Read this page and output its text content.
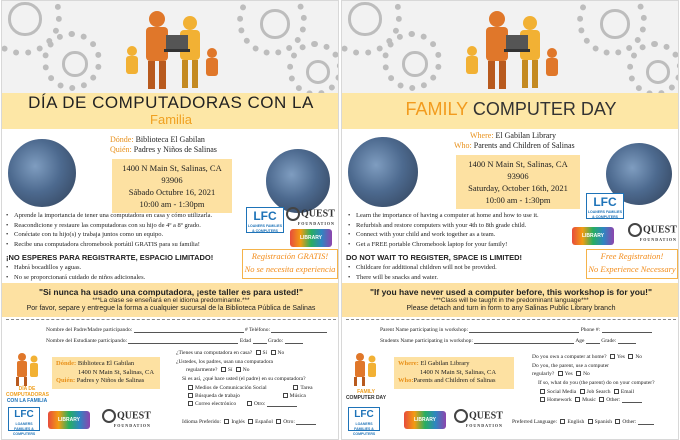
DÍA DE COMPUTADORAS CON LA
Familia
Dónde: Biblioteca El Gabilan
Quién: Padres y Niños de Salinas
1400 N Main St, Salinas, CA
93906
Sábado Octubre 16, 2021
10:00 am - 1:30pm
• Aprende la importancia de tener una computadora en casa y cómo utilizarla.
• Reacondicione y restaure las computadoras con su hijo de 4º a 8º grado.
• Conéctate con tu hijo(s) y trabaja juntos como un equipo.
• Recibe una computadora chromebook portátil GRATIS para su familia!
¡NO ESPERES PARA REGISTRARTE, ESPACIO LIMITADO!
• Habrá bocadillos y aguas.
• No se proporcionará cuidado de niños adicionales.
LFC
LOANERS FAMILIES & COMPUTERS
QUEST
FOUNDATION
LIBRARY
Registración GRATIS!
No se necesita experiencia
"Si nunca ha usado una computadora, ¡este taller es para usted!"
***La clase se enseñará en el idioma predominante.***
Por favor, separe y entregue la forma a cualquier sucursal de la Biblioteca Pública de Salinas
Nombre del Padre/Madre participando:	# Teléfono:
Nombre del Estudiante participando:	Edad	Grado:
DÍA DE
COMPUTADORAS
CON LA FAMILIA
Dónde: Biblioteca El Gabilan
1400 N Main St, Salinas, CA
Quién: Padres y Niños de Salinas
¿Tienes una computadora en casa? Sí No
¿Ustedes, los padres, usan una computadora
regularmente? Sí No
Si es así, ¿qué hace usted (el padre) en su computadora?
Medios de Comunicación Social	Tarea
Búsqueda de trabajo	Música
Correo electrónico	Otro:
Idioma Preferido: Inglés Español Otro:
LFC
LOANERS FAMILIES & COMPUTERS
LIBRARY	QUEST
FOUNDATION
FAMILY COMPUTER DAY
Where: El Gabilan Library
Who: Parents and Children of Salinas
1400 N Main St, Salinas, CA
93906
Saturday, October 16th, 2021
10:00 am - 1:30pm
• Learn the importance of having a computer at home and how to use it.
• Refurbish and restore computers with your 4th to 8th grade child.
• Connect with your child and work together as a team.
• Get a FREE portable Chromebook laptop for your family!
DO NOT WAIT TO REGISTER, SPACE IS LIMITED!
• Childcare for additional children will not be provided.
• There will be snacks and water.
LFC
LOANERS FAMILIES & COMPUTERS
LIBRARY
QUEST
FOUNDATION
Free Registration!
No Experience Necessary
"If you have never used a computer before, this workshop is for you!"
***Class will be taught in the predominant language***
Please detach and turn in form to any Salinas Public Library branch
Parent Name participating in workshop:	Phone #:
Students Name participating in workshop:	Age	Grade:
FAMILY
COMPUTER DAY
Where: El Gabilan Library
1400 N Main St, Salinas, CA
Who:Parents and Children of Salinas
Do you own a computer at home? Yes No
Do you, the parent, use a computer
regularly? Yes No
If so, what do you (the parent) do on your computer?
Social Media Job Search Email
Homework Music Other:
Preferred Language: English Spanish Other:
LFC
LOANERS FAMILIES & COMPUTERS
LIBRARY	QUEST
FOUNDATION
